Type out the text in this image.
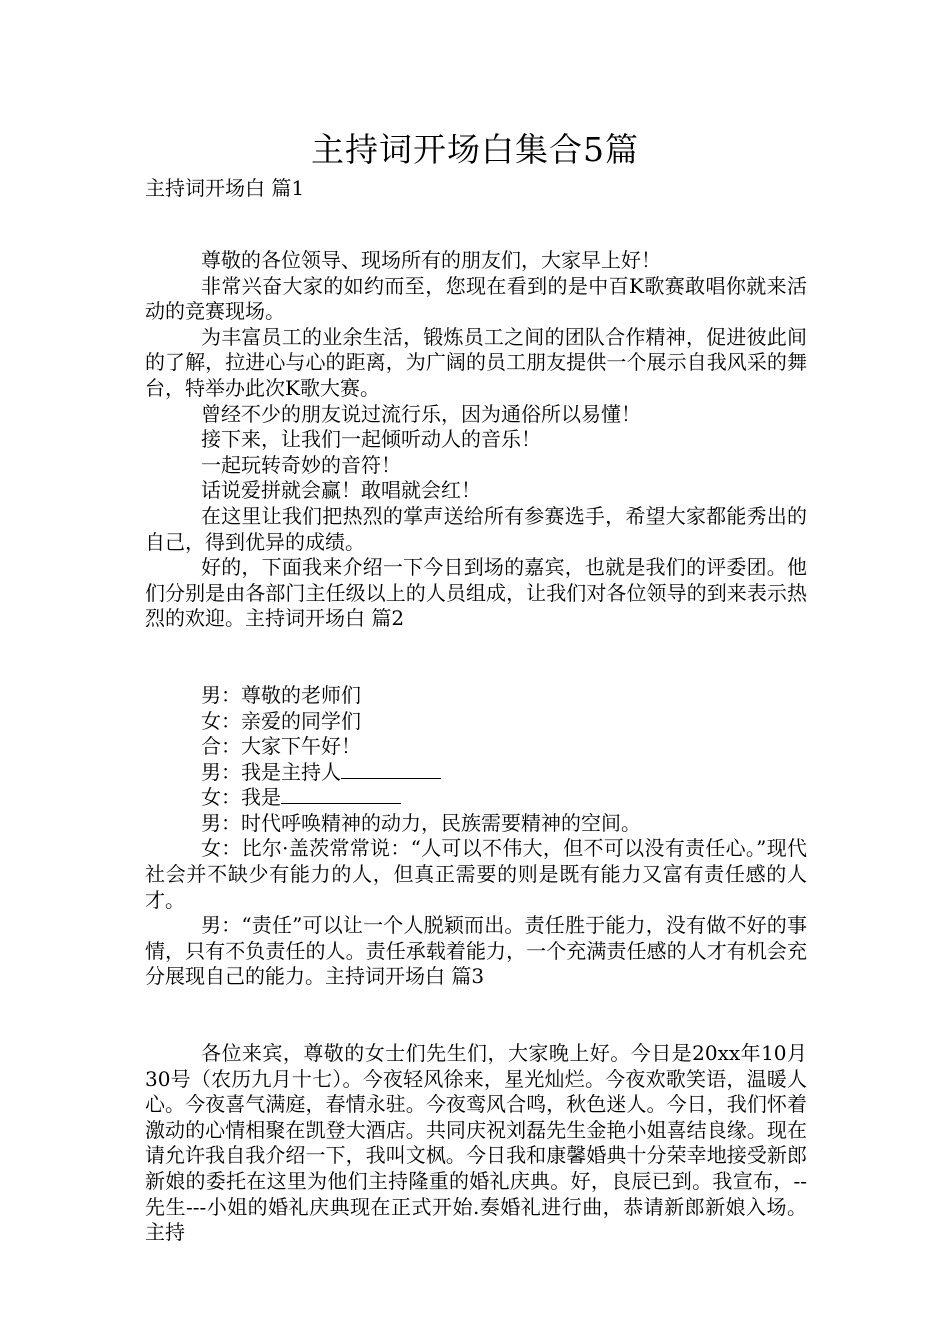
主持词开场白集合5篇
主持词开场白 篇1

尊敬的各位领导、现场所有的朋友们，大家早上好！

非常兴奋大家的如约而至，您现在看到的是中百K歌赛敢唱你就来活动的竞赛现场。

为丰富员工的业余生活，锻炼员工之间的团队合作精神，促进彼此间的了解，拉进心与心的距离，为广阔的员工朋友提供一个展示自我风采的舞台，特举办此次K歌大赛。

曾经不少的朋友说过流行乐，因为通俗所以易懂！

接下来，让我们一起倾听动人的音乐！

一起玩转奇妙的音符！

话说爱拼就会赢！敢唱就会红！

在这里让我们把热烈的掌声送给所有参赛选手，希望大家都能秀出的自己，得到优异的成绩。

好的，下面我来介绍一下今日到场的嘉宾，也就是我们的评委团。他们分别是由各部门主任级以上的人员组成，让我们对各位领导的到来表示热烈的欢迎。主持词开场白 篇2

男：尊敬的老师们

女：亲爱的同学们

合：大家下午好！

男：我是主持人

女：我是

男：时代呼唤精神的动力，民族需要精神的空间。

女：比尔·盖茨常常说：“人可以不伟大，但不可以没有责任心。”现代社会并不缺少有能力的人，但真正需要的则是既有能力又富有责任感的人才。

男：“责任”可以让一个人脱颖而出。责任胜于能力，没有做不好的事情，只有不负责任的人。责任承载着能力，一个充满责任感的人才有机会充分展现自己的能力。主持词开场白 篇3

各位来宾，尊敬的女士们先生们，大家晚上好。今日是20xx年10月30号（农历九月十七）。今夜轻风徐来，星光灿烂。今夜欢歌笑语，温暖人心。今夜喜气满庭，春情永驻。今夜鸾风合鸣，秋色迷人。今日，我们怀着激动的心情相聚在凯登大酒店。共同庆祝刘磊先生金艳小姐喜结良缘。现在请允许我自我介绍一下，我叫文枫。今日我和康馨婚典十分荣幸地接受新郎新娘的委托在这里为他们主持隆重的婚礼庆典。好，良辰已到。我宣布，--先生---小姐的婚礼庆典现在正式开始.奏婚礼进行曲，恭请新郎新娘入场。主持
